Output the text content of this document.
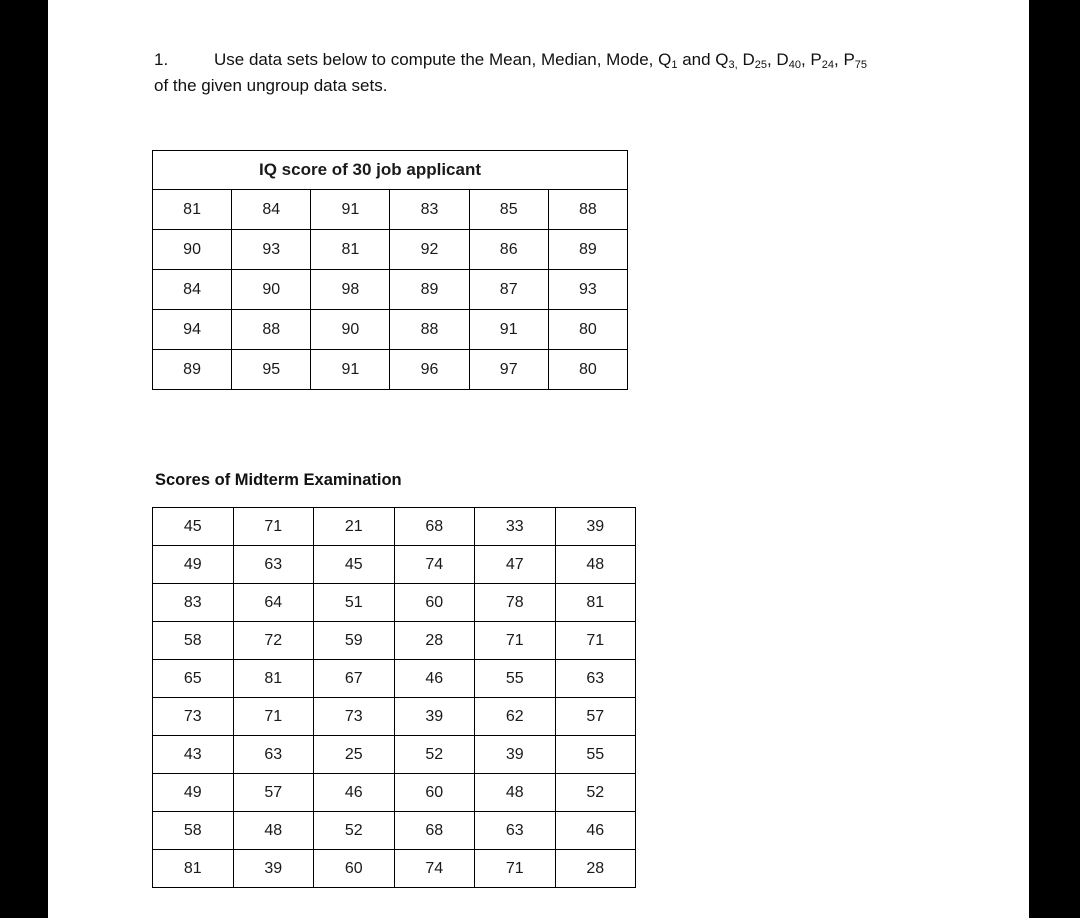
1.	Use data sets below to compute the Mean, Median, Mode, $Q_1$ and $Q_{3,}$ $D_{25}$, $D_{40}$, $P_{24}$, $P_{75}$
of the given ungroup data sets.
IQ score of 30 job applicant					
81	84	91	83	85	88
90	93	81	92	86	89
84	90	98	89	87	93
94	88	90	88	91	80
89	95	91	96	97	80
Scores of Midterm Examination
45	71	21	68	33	39
49	63	45	74	47	48
83	64	51	60	78	81
58	72	59	28	71	71
65	81	67	46	55	63
73	71	73	39	62	57
43	63	25	52	39	55
49	57	46	60	48	52
58	48	52	68	63	46
81	39	60	74	71	28
